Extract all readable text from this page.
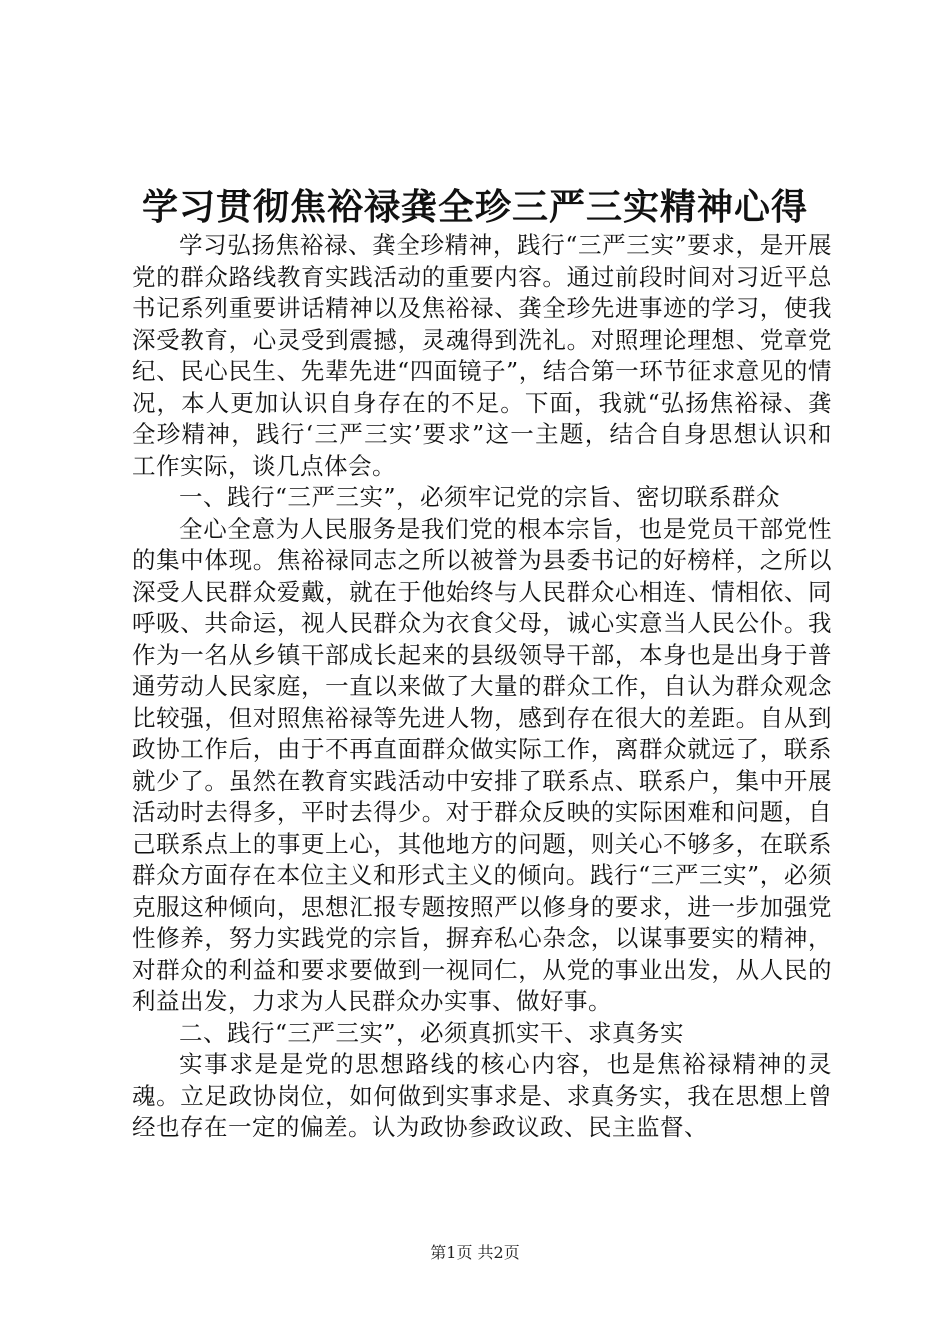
学习贯彻焦裕禄龚全珍三严三实精神心得

学习弘扬焦裕禄、龚全珍精神，践行“三严三实”要求，是开展党的群众路线教育实践活动的重要内容。通过前段时间对习近平总书记系列重要讲话精神以及焦裕禄、龚全珍先进事迹的学习，使我深受教育，心灵受到震撼，灵魂得到洗礼。对照理论理想、党章党纪、民心民生、先辈先进“四面镜子”，结合第一环节征求意见的情况，本人更加认识自身存在的不足。下面，我就“弘扬焦裕禄、龚全珍精神，践行‘三严三实’要求”这一主题，结合自身思想认识和工作实际，谈几点体会。

一、践行“三严三实”，必须牢记党的宗旨、密切联系群众

全心全意为人民服务是我们党的根本宗旨，也是党员干部党性的集中体现。焦裕禄同志之所以被誉为县委书记的好榜样，之所以深受人民群众爱戴，就在于他始终与人民群众心相连、情相依、同呼吸、共命运，视人民群众为衣食父母，诚心实意当人民公仆。我作为一名从乡镇干部成长起来的县级领导干部，本身也是出身于普通劳动人民家庭，一直以来做了大量的群众工作，自认为群众观念比较强，但对照焦裕禄等先进人物，感到存在很大的差距。自从到政协工作后，由于不再直面群众做实际工作，离群众就远了，联系就少了。虽然在教育实践活动中安排了联系点、联系户，集中开展活动时去得多，平时去得少。对于群众反映的实际困难和问题，自己联系点上的事更上心，其他地方的问题，则关心不够多，在联系群众方面存在本位主义和形式主义的倾向。践行“三严三实”，必须克服这种倾向，思想汇报专题按照严以修身的要求，进一步加强党性修养，努力实践党的宗旨，摒弃私心杂念，以谋事要实的精神，对群众的利益和要求要做到一视同仁，从党的事业出发，从人民的利益出发，力求为人民群众办实事、做好事。

二、践行“三严三实”，必须真抓实干、求真务实

实事求是是党的思想路线的核心内容，也是焦裕禄精神的灵魂。立足政协岗位，如何做到实事求是、求真务实，我在思想上曾经也存在一定的偏差。认为政协参政议政、民主监督、

第1页 共2页
